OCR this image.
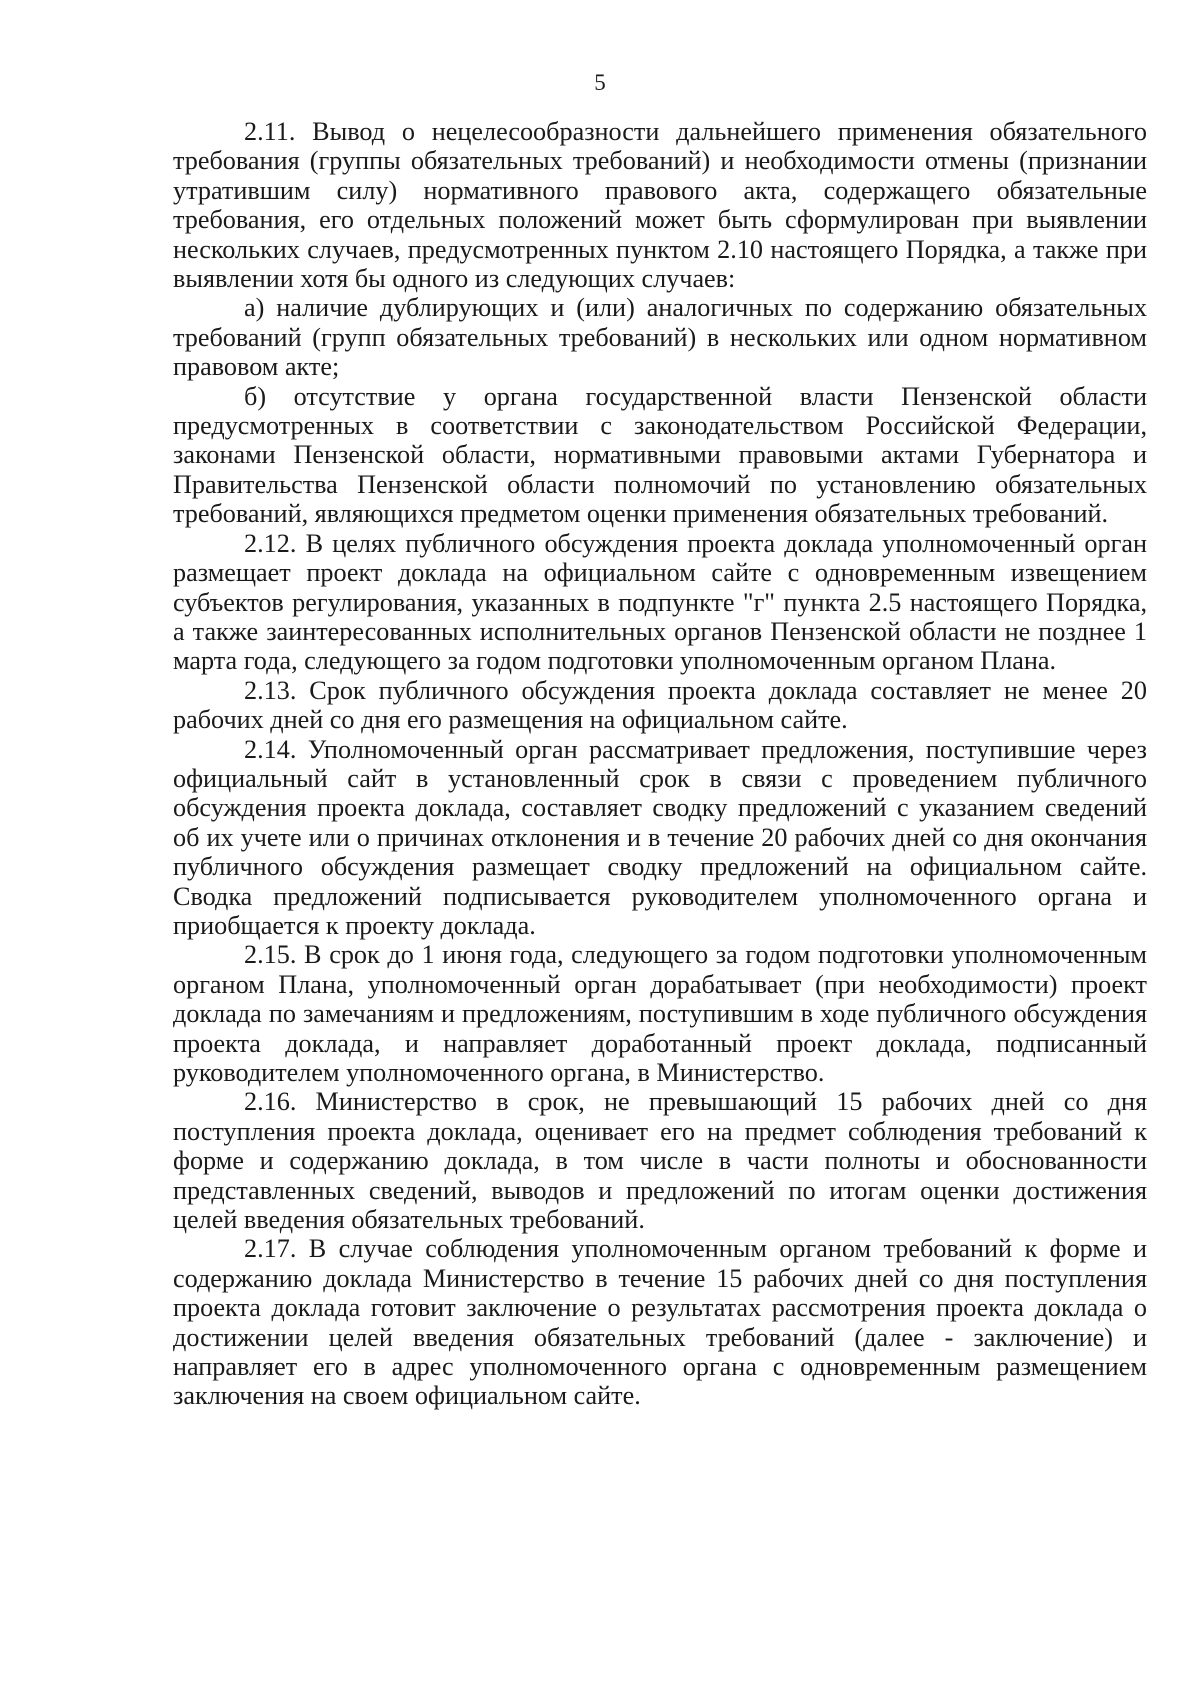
5

2.11. Вывод о нецелесообразности дальнейшего применения обязательного требования (группы обязательных требований) и необходимости отмены (признании утратившим силу) нормативного правового акта, содержащего обязательные требования, его отдельных положений может быть сформулирован при выявлении нескольких случаев, предусмотренных пунктом 2.10 настоящего Порядка, а также при выявлении хотя бы одного из следующих случаев:

а) наличие дублирующих и (или) аналогичных по содержанию обязательных требований (групп обязательных требований) в нескольких или одном нормативном правовом акте;

б) отсутствие у органа государственной власти Пензенской области предусмотренных в соответствии с законодательством Российской Федерации, законами Пензенской области, нормативными правовыми актами Губернатора и Правительства Пензенской области полномочий по установлению обязательных требований, являющихся предметом оценки применения обязательных требований.

2.12. В целях публичного обсуждения проекта доклада уполномоченный орган размещает проект доклада на официальном сайте с одновременным извещением субъектов регулирования, указанных в подпункте "г" пункта 2.5 настоящего Порядка, а также заинтересованных исполнительных органов Пензенской области не позднее 1 марта года, следующего за годом подготовки уполномоченным органом Плана.

2.13. Срок публичного обсуждения проекта доклада составляет не менее 20 рабочих дней со дня его размещения на официальном сайте.

2.14. Уполномоченный орган рассматривает предложения, поступившие через официальный сайт в установленный срок в связи с проведением публичного обсуждения проекта доклада, составляет сводку предложений с указанием сведений об их учете или о причинах отклонения и в течение 20 рабочих дней со дня окончания публичного обсуждения размещает сводку предложений на официальном сайте. Сводка предложений подписывается руководителем уполномоченного органа и приобщается к проекту доклада.

2.15. В срок до 1 июня года, следующего за годом подготовки уполномоченным органом Плана, уполномоченный орган дорабатывает (при необходимости) проект доклада по замечаниям и предложениям, поступившим в ходе публичного обсуждения проекта доклада, и направляет доработанный проект доклада, подписанный руководителем уполномоченного органа, в Министерство.

2.16. Министерство в срок, не превышающий 15 рабочих дней со дня поступления проекта доклада, оценивает его на предмет соблюдения требований к форме и содержанию доклада, в том числе в части полноты и обоснованности представленных сведений, выводов и предложений по итогам оценки достижения целей введения обязательных требований.

2.17. В случае соблюдения уполномоченным органом требований к форме и содержанию доклада Министерство в течение 15 рабочих дней со дня поступления проекта доклада готовит заключение о результатах рассмотрения проекта доклада о достижении целей введения обязательных требований (далее - заключение) и направляет его в адрес уполномоченного органа с одновременным размещением заключения на своем официальном сайте.
